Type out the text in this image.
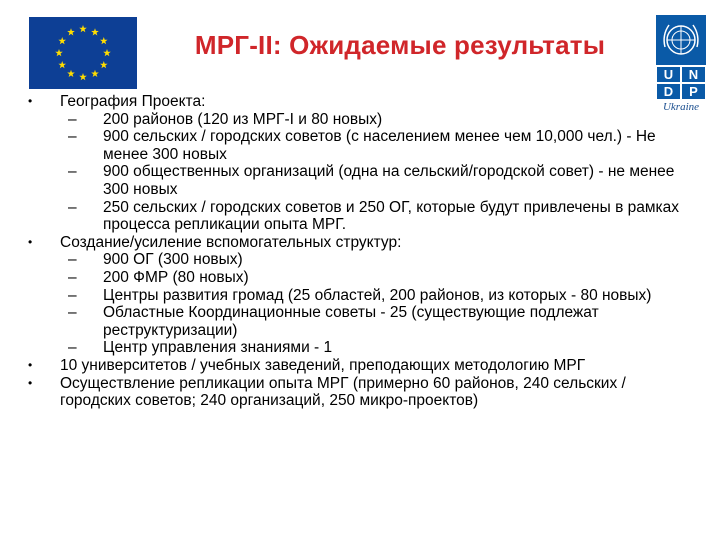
МРГ-II: Ожидаемые результаты
U	N
D	P
Ukraine
• География Проекта:
– 200 районов (120 из МРГ-I и 80 новых)
– 900 сельских / городских советов (с населением менее чем 10,000 чел.) - Не менее 300 новых
– 900 общественных организаций (одна на сельский/городской совет) - не менее 300 новых
– 250 сельских / городских советов и 250 ОГ, которые будут привлечены в рамках процесса репликации опыта МРГ.
• Создание/усиление вспомогательных структур:
– 900 ОГ (300 новых)
– 200 ФМР (80 новых)
– Центры развития громад (25 областей, 200 районов, из которых - 80 новых)
– Областные Координационные советы - 25 (существующие подлежат реструктуризации)
– Центр управления знаниями - 1
• 10 университетов / учебных заведений, преподающих методологию МРГ
• Осуществление репликации опыта МРГ (примерно 60 районов, 240 сельских / городских советов; 240 организаций, 250 микро-проектов)
